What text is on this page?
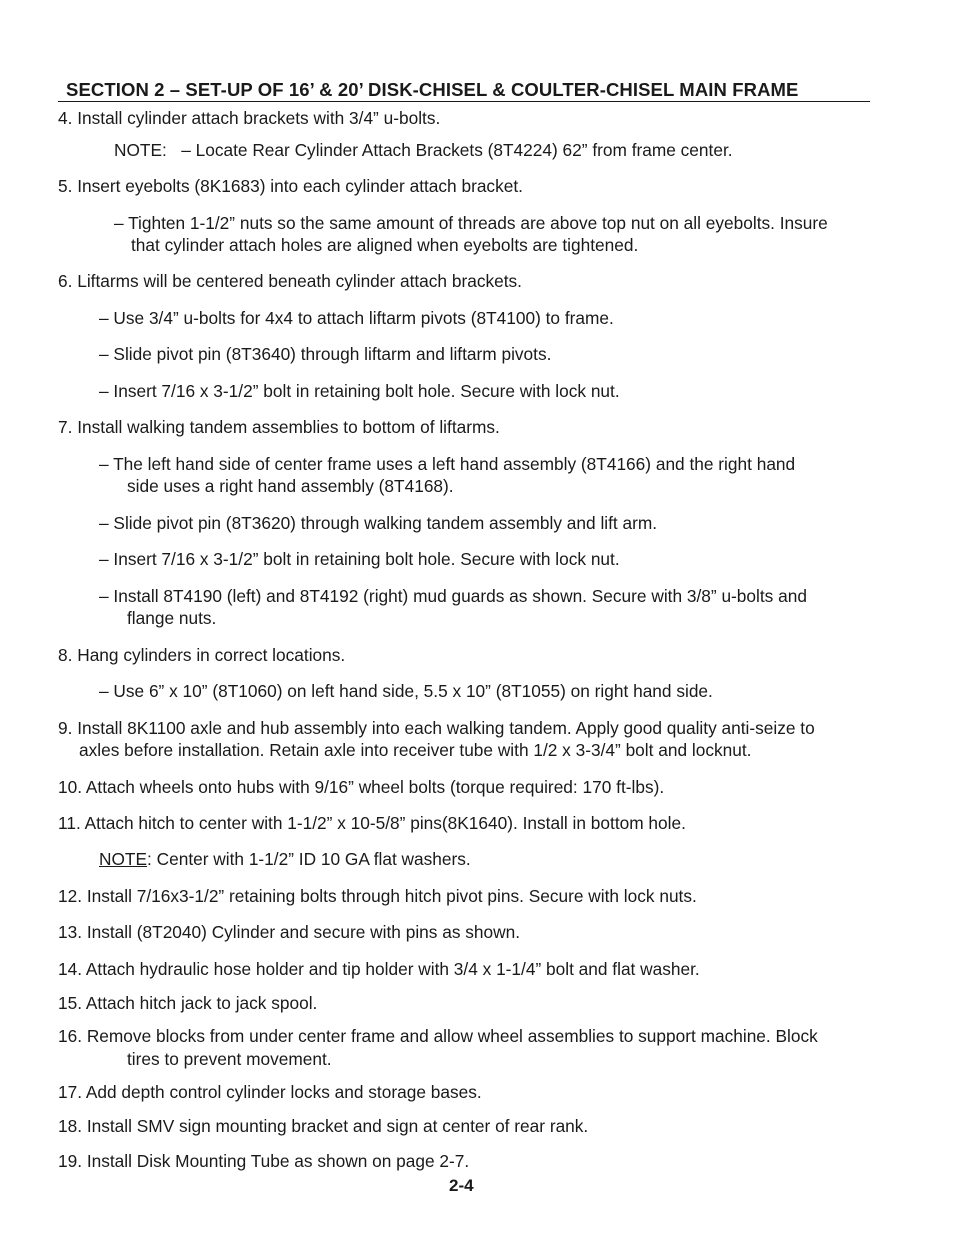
SECTION 2 – SET-UP OF 16’ & 20’ DISK-CHISEL & COULTER-CHISEL MAIN FRAME
4. Install cylinder attach brackets with 3/4” u-bolts.
NOTE: – Locate Rear Cylinder Attach Brackets (8T4224) 62” from frame center.
5. Insert eyebolts (8K1683) into each cylinder attach bracket.
– Tighten 1-1/2” nuts so the same amount of threads are above top nut on all eyebolts. Insure
that cylinder attach holes are aligned when eyebolts are tightened.
6. Liftarms will be centered beneath cylinder attach brackets.
– Use 3/4” u-bolts for 4x4 to attach liftarm pivots (8T4100) to frame.
– Slide pivot pin (8T3640) through liftarm and liftarm pivots.
– Insert 7/16 x 3-1/2” bolt in retaining bolt hole. Secure with lock nut.
7. Install walking tandem assemblies to bottom of liftarms.
– The left hand side of center frame uses a left hand assembly (8T4166) and the right hand
side uses a right hand assembly (8T4168).
– Slide pivot pin (8T3620) through walking tandem assembly and lift arm.
– Insert 7/16 x 3-1/2” bolt in retaining bolt hole. Secure with lock nut.
– Install 8T4190 (left) and 8T4192 (right) mud guards as shown. Secure with 3/8” u-bolts and
flange nuts.
8. Hang cylinders in correct locations.
– Use 6” x 10” (8T1060) on left hand side, 5.5 x 10” (8T1055) on right hand side.
9. Install 8K1100 axle and hub assembly into each walking tandem. Apply good quality anti-seize to
axles before installation. Retain axle into receiver tube with 1/2 x 3-3/4” bolt and locknut.
10. Attach wheels onto hubs with 9/16” wheel bolts (torque required: 170 ft-lbs).
11. Attach hitch to center with 1-1/2” x 10-5/8” pins(8K1640). Install in bottom hole.
NOTE: Center with 1-1/2” ID 10 GA flat washers.
12. Install 7/16x3-1/2” retaining bolts through hitch pivot pins. Secure with lock nuts.
13. Install (8T2040) Cylinder and secure with pins as shown.
14. Attach hydraulic hose holder and tip holder with 3/4 x 1-1/4” bolt and flat washer.
15. Attach hitch jack to jack spool.
16. Remove blocks from under center frame and allow wheel assemblies to support machine. Block
tires to prevent movement.
17. Add depth control cylinder locks and storage bases.
18. Install SMV sign mounting bracket and sign at center of rear rank.
19. Install Disk Mounting Tube as shown on page 2-7.
2-4
